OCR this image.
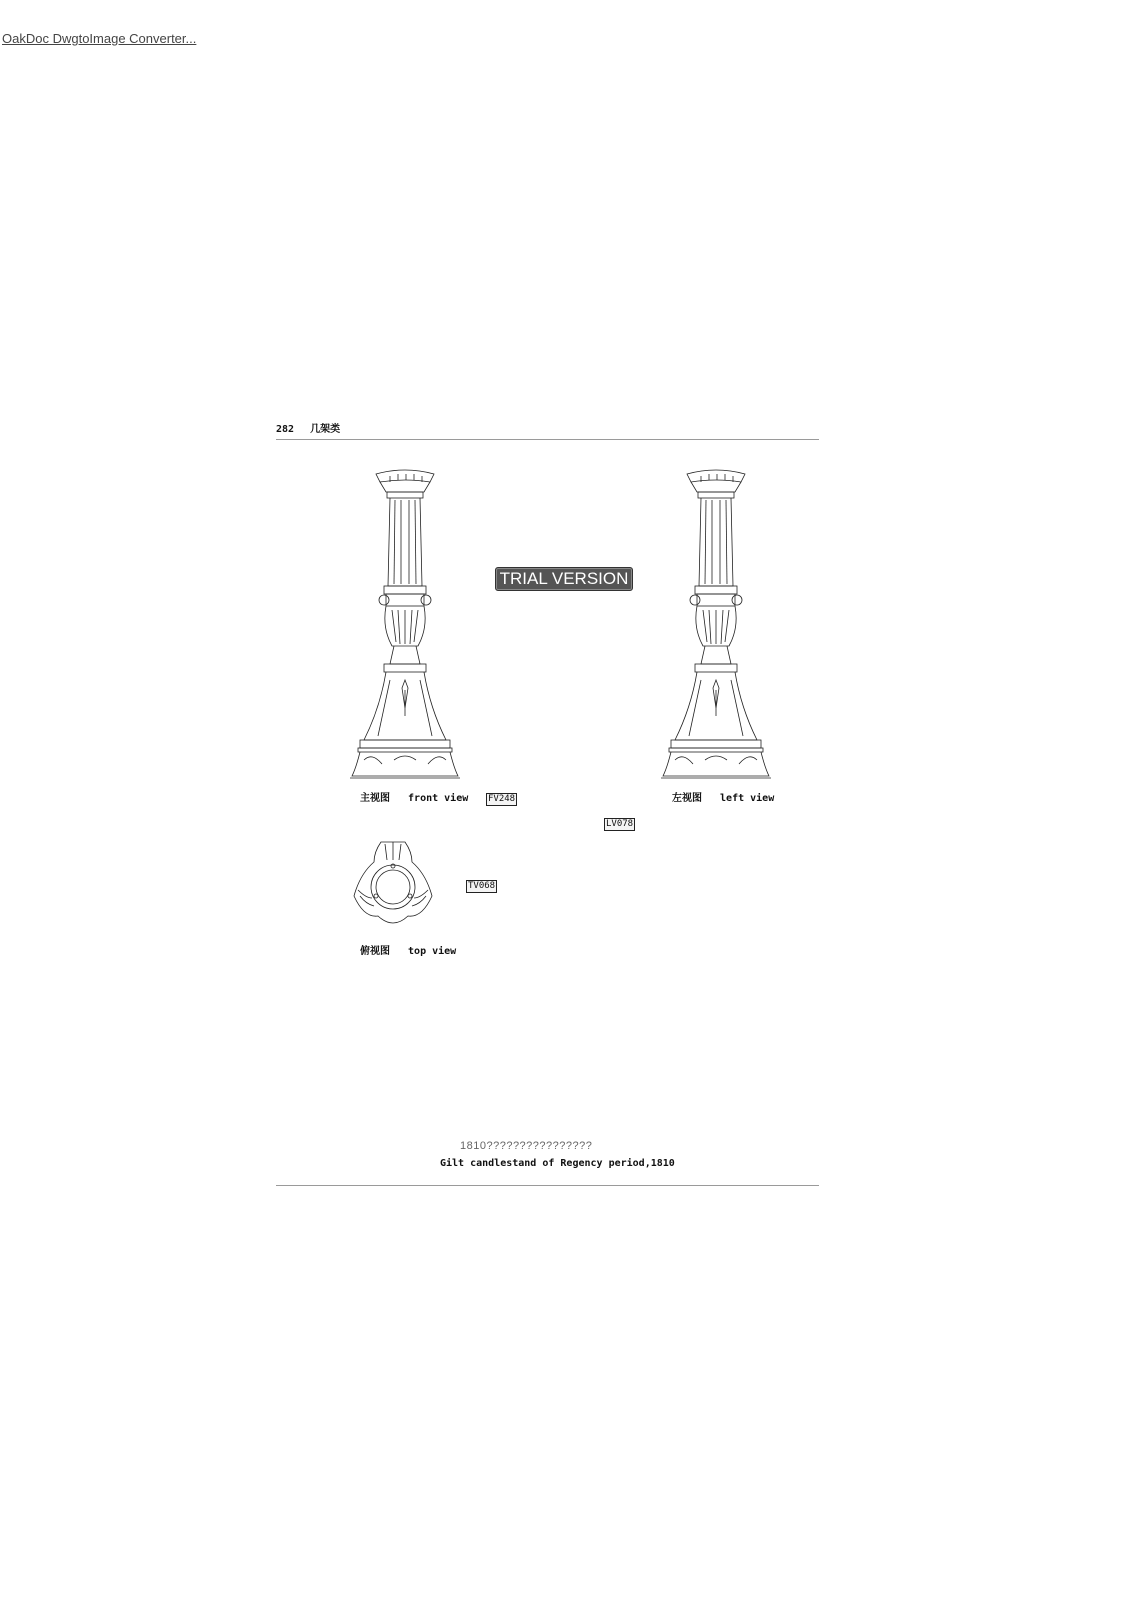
OakDoc DwgtoImage Converter...
282 几架类
TRIAL VERSION
主视图 front view FV248	左视图 left view
LV078
TV068
俯视图 top view
1810????????????????
Gilt candlestand of Regency period,1810
